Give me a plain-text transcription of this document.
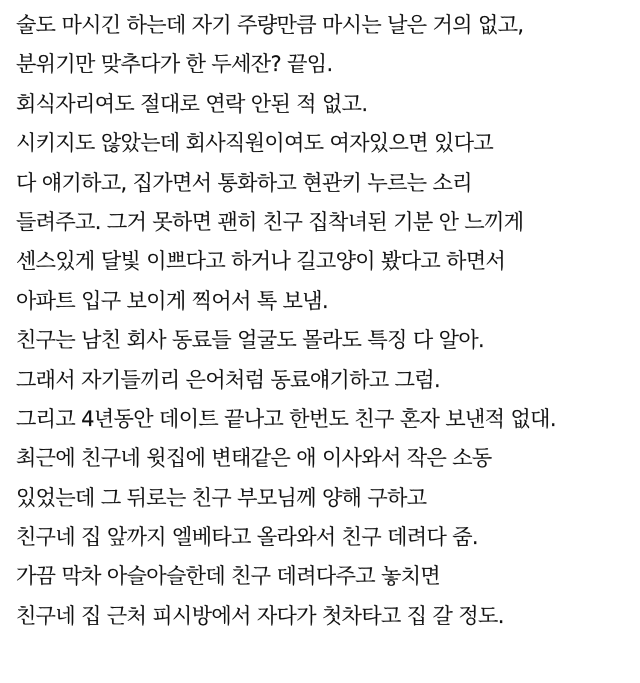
술도 마시긴 하는데 자기 주량만큼 마시는 날은 거의 없고,
분위기만 맞추다가 한 두세잔? 끝임.
회식자리여도 절대로 연락 안된 적 없고.
시키지도 않았는데 회사직원이여도 여자있으면 있다고
다 얘기하고, 집가면서 통화하고 현관키 누르는 소리
들려주고. 그거 못하면 괜히 친구 집착녀된 기분 안 느끼게
센스있게 달빛 이쁘다고 하거나 길고양이 봤다고 하면서
아파트 입구 보이게 찍어서 톡 보냄.
친구는 남친 회사 동료들 얼굴도 몰라도 특징 다 알아.
그래서 자기들끼리 은어처럼 동료얘기하고 그럼.
그리고 4년동안 데이트 끝나고 한번도 친구 혼자 보낸적 없대.
최근에 친구네 윗집에 변태같은 애 이사와서 작은 소동
있었는데 그 뒤로는 친구 부모님께 양해 구하고
친구네 집 앞까지 엘베타고 올라와서 친구 데려다 줌.
가끔 막차 아슬아슬한데 친구 데려다주고 놓치면
친구네 집 근처 피시방에서 자다가 첫차타고 집 갈 정도.
